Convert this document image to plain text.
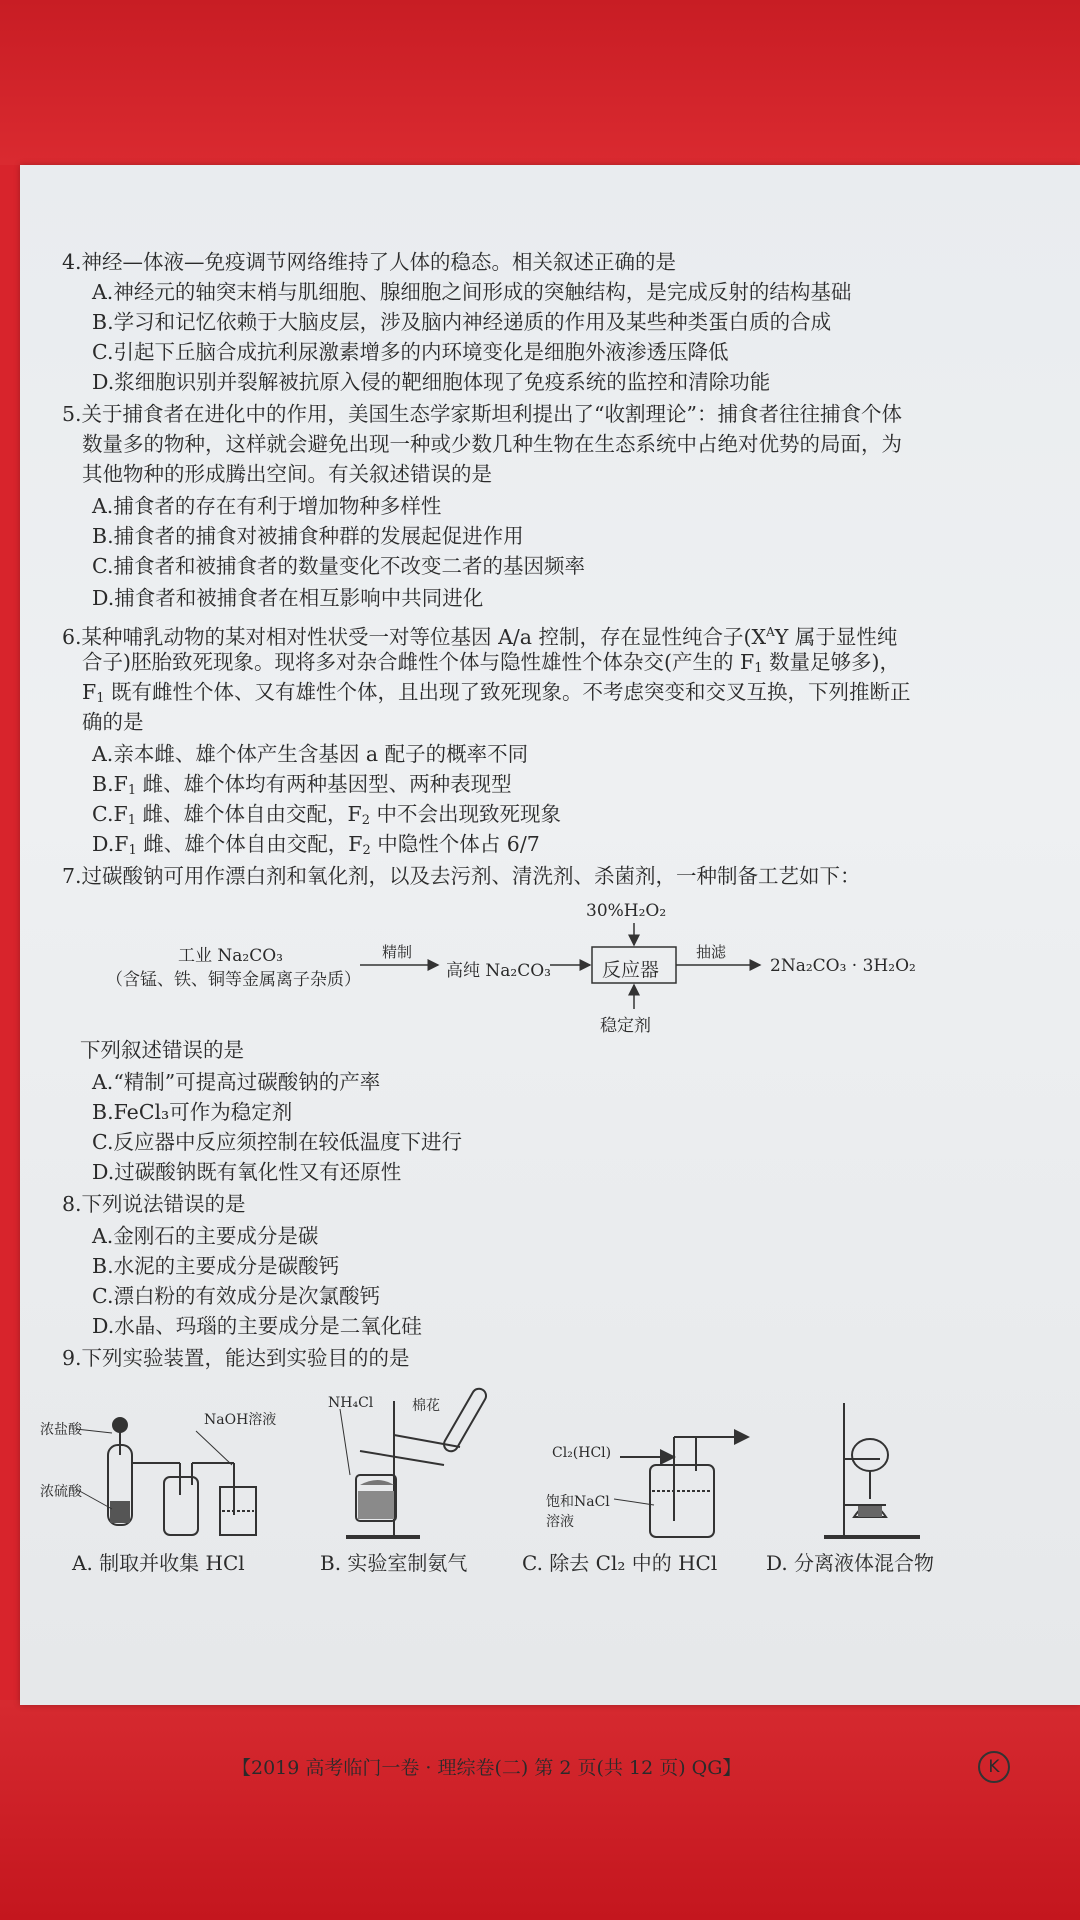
4.神经—体液—免疫调节网络维持了人体的稳态。相关叙述正确的是
A.神经元的轴突末梢与肌细胞、腺细胞之间形成的突触结构，是完成反射的结构基础
B.学习和记忆依赖于大脑皮层，涉及脑内神经递质的作用及某些种类蛋白质的合成
C.引起下丘脑合成抗利尿激素增多的内环境变化是细胞外液渗透压降低
D.浆细胞识别并裂解被抗原入侵的靶细胞体现了免疫系统的监控和清除功能
5.关于捕食者在进化中的作用，美国生态学家斯坦利提出了“收割理论”：捕食者往往捕食个体
数量多的物种，这样就会避免出现一种或少数几种生物在生态系统中占绝对优势的局面，为
其他物种的形成腾出空间。有关叙述错误的是
A.捕食者的存在有利于增加物种多样性
B.捕食者的捕食对被捕食种群的发展起促进作用
C.捕食者和被捕食者的数量变化不改变二者的基因频率
D.捕食者和被捕食者在相互影响中共同进化
6.某种哺乳动物的某对相对性状受一对等位基因 A/a 控制，存在显性纯合子($X^AY$ 属于显性纯
合子)胚胎致死现象。现将多对杂合雌性个体与隐性雄性个体杂交(产生的 $F_1$ 数量足够多)，
$F_1$ 既有雌性个体、又有雄性个体，且出现了致死现象。不考虑突变和交叉互换，下列推断正
确的是
A.亲本雌、雄个体产生含基因 a 配子的概率不同
$B.F_1$ 雌、雄个体均有两种基因型、两种表现型
$C.F_1$ 雌、雄个体自由交配，$F_2$ 中不会出现致死现象
$D.F_1$ 雌、雄个体自由交配，$F_2$ 中隐性个体占 6/7
7.过碳酸钠可用作漂白剂和氧化剂，以及去污剂、清洗剂、杀菌剂，一种制备工艺如下：
30%H₂O₂
工业 Na₂CO₃
（含锰、铁、铜等金属离子杂质）
精制
高纯 Na₂CO₃	反应器
抽滤
2Na₂CO₃ · 3H₂O₂
稳定剂
下列叙述错误的是
A.“精制”可提高过碳酸钠的产率
B.FeCl₃可作为稳定剂
C.反应器中反应须控制在较低温度下进行
D.过碳酸钠既有氧化性又有还原性
8.下列说法错误的是
A.金刚石的主要成分是碳
B.水泥的主要成分是碳酸钙
C.漂白粉的有效成分是次氯酸钙
D.水晶、玛瑙的主要成分是二氧化硅
9.下列实验装置，能达到实验目的的是
浓盐酸
浓硫酸
NaOH溶液
NH₄Cl	棉花
Cl₂(HCl)
饱和NaCl
溶液
A. 制取并收集 HCl	B. 实验室制氨气	C. 除去 Cl₂ 中的 HCl D. 分离液体混合物
【2019 高考临门一卷 · 理综卷(二) 第 2 页(共 12 页) QG】	K
